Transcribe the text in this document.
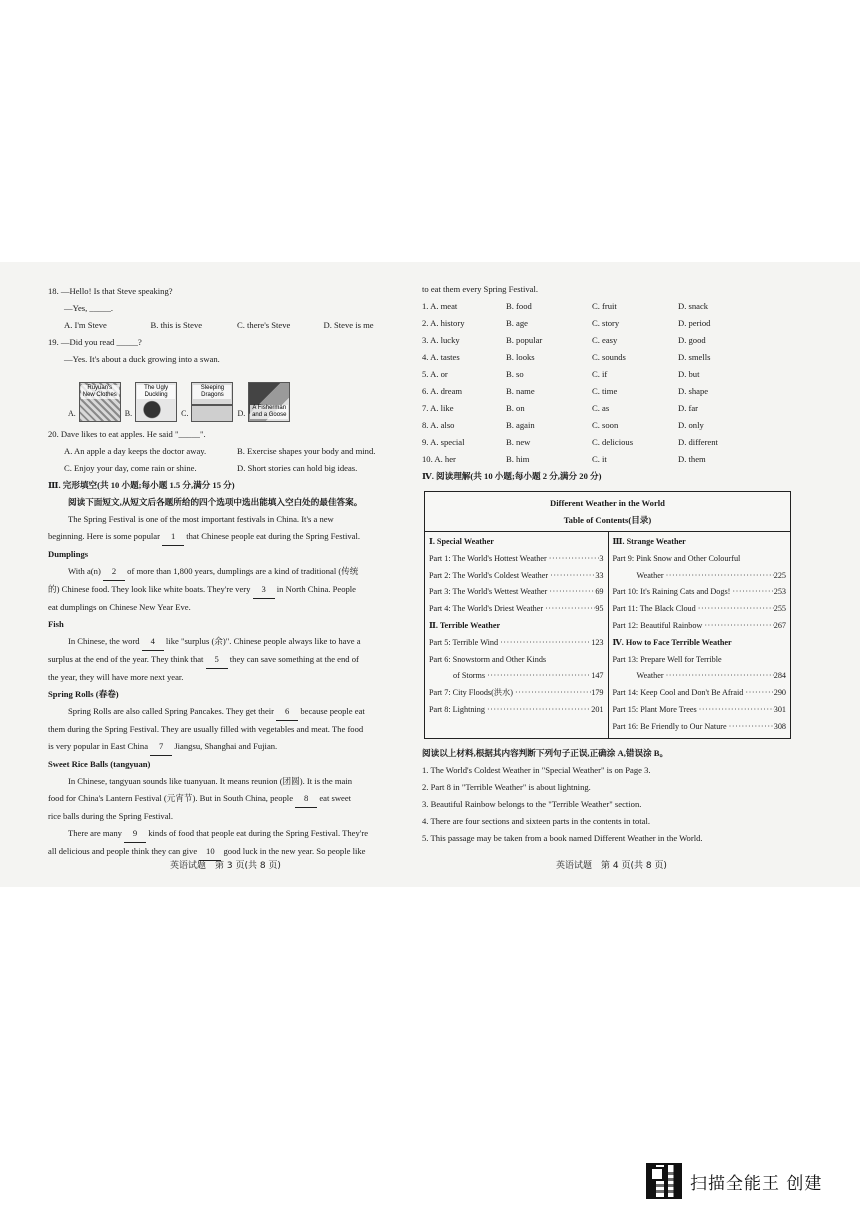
18. —Hello! Is that Steve speaking?
—Yes, _____.
A. I'm Steve	B. this is Steve	C. there's Steve	D. Steve is me
19. —Did you read _____?
—Yes. It's about a duck growing into a swan.
A.
Ruyuan's New Clothes
B.
The Ugly Duckling
C.
Sleeping Dragons
D.
A Fisherman and a Goose
20. Dave likes to eat apples. He said "_____".
A. An apple a day keeps the doctor away.	B. Exercise shapes your body and mind.
C. Enjoy your day, come rain or shine.	D. Short stories can hold big ideas.
Ⅲ. 完形填空(共 10 小题;每小题 1.5 分,满分 15 分)
阅读下面短文,从短文后各题所给的四个选项中选出能填入空白处的最佳答案。
The Spring Festival is one of the most important festivals in China. It's a new
beginning. Here is some popular 1 that Chinese people eat during the Spring Festival.
Dumplings
With a(n) 2 of more than 1,800 years, dumplings are a kind of traditional (传统
的) Chinese food. They look like white boats. They're very 3 in North China. People
eat dumplings on Chinese New Year Eve.
Fish
In Chinese, the word 4 like "surplus (余)". Chinese people always like to have a
surplus at the end of the year. They think that 5 they can save something at the end of
the year, they will have more next year.
Spring Rolls (春卷)
Spring Rolls are also called Spring Pancakes. They get their 6 because people eat
them during the Spring Festival. They are usually filled with vegetables and meat. The food
is very popular in East China 7 Jiangsu, Shanghai and Fujian.
Sweet Rice Balls (tangyuan)
In Chinese, tangyuan sounds like tuanyuan. It means reunion (团圆). It is the main
food for China's Lantern Festival (元宵节). But in South China, people 8 eat sweet
rice balls during the Spring Festival.
There are many 9 kinds of food that people eat during the Spring Festival. They're
all delicious and people think they can give 10 good luck in the new year. So people like
英语试题　第 3 页(共 8 页)
to eat them every Spring Festival.
1. A. meat	B. food	C. fruit	D. snack
2. A. history	B. age	C. story	D. period
3. A. lucky	B. popular	C. easy	D. good
4. A. tastes	B. looks	C. sounds	D. smells
5. A. or	B. so	C. if	D. but
6. A. dream	B. name	C. time	D. shape
7. A. like	B. on	C. as	D. far
8. A. also	B. again	C. soon	D. only
9. A. special	B. new	C. delicious	D. different
10. A. her	B. him	C. it	D. them
Ⅳ. 阅读理解(共 10 小题;每小题 2 分,满分 20 分)
Different Weather in the World
Table of Contents(目录)
Ⅰ. Special Weather
Part 1: The World's Hottest Weather ·····	3
Part 2: The World's Coldest Weather ·····	33
Part 3: The World's Wettest Weather ·····	69
Part 4: The World's Driest Weather ·····	95
Ⅱ. Terrible Weather
Part 5: Terrible Wind ·····	123
Part 6: Snowstorm and Other Kinds
of Storms ·····	147
Part 7: City Floods(洪水) ·····	179
Part 8: Lightning ·····	201
Ⅲ. Strange Weather
Part 9: Pink Snow and Other Colourful
Weather ·····	225
Part 10: It's Raining Cats and Dogs! ·····	253
Part 11: The Black Cloud ·····	255
Part 12: Beautiful Rainbow ·····	267
Ⅳ. How to Face Terrible Weather
Part 13: Prepare Well for Terrible
Weather ·····	284
Part 14: Keep Cool and Don't Be Afraid ·····	290
Part 15: Plant More Trees ·····	301
Part 16: Be Friendly to Our Nature ·····	308
阅读以上材料,根据其内容判断下列句子正误,正确涂 A,错误涂 B。
1. The World's Coldest Weather in "Special Weather" is on Page 3.
2. Part 8 in "Terrible Weather" is about lightning.
3. Beautiful Rainbow belongs to the "Terrible Weather" section.
4. There are four sections and sixteen parts in the contents in total.
5. This passage may be taken from a book named Different Weather in the World.
英语试题　第 4 页(共 8 页)
扫描全能王 创建
